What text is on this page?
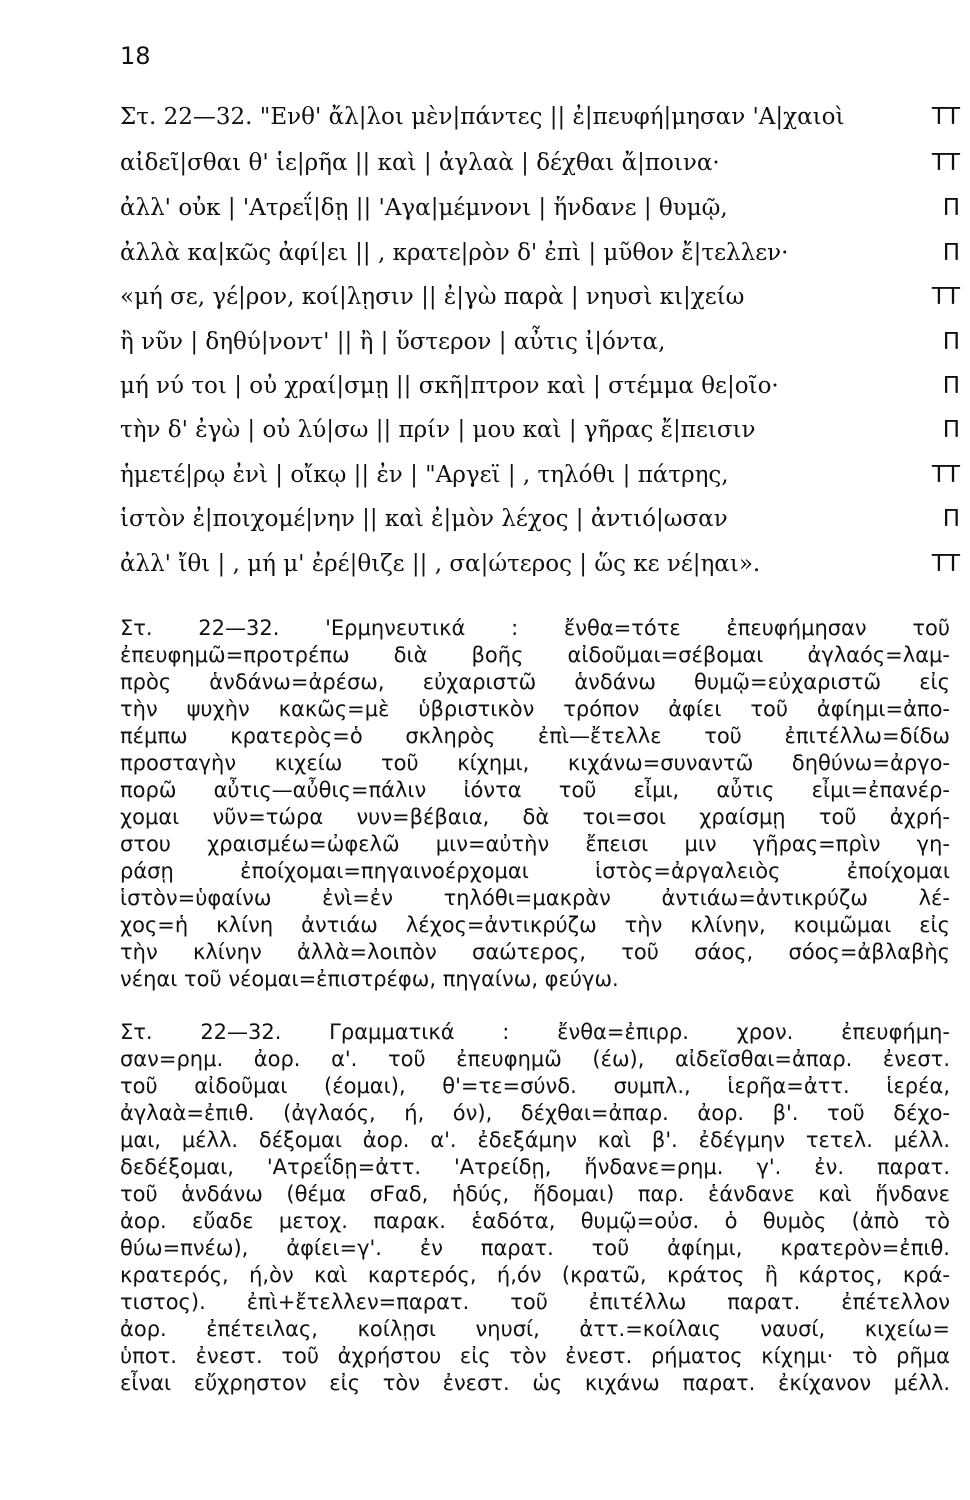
18
Στ. 22—32. "Ενθ' ἄλ|λοι μὲν|πάντες || ἐ|πευφή|μησαν 'Α|χαιοὶ	ΤΤ
αἰδεῖ|σθαι θ' ἱε|ρῆα || καὶ | ἀγλαὰ | δέχθαι ἄ|ποινα·	ΤΤ
ἀλλ' οὐκ | 'Ατρεΐ|δῃ || 'Αγα|μέμνονι | ἥνδανε | θυμῷ,	Π
ἀλλὰ κα|κῶς ἀφί|ει || , κρατε|ρὸν δ' ἐπὶ | μῦθον ἔ|τελλεν·	Π
«μή σε, γέ|ρον, κοί|λῃσιν || ἐ|γὼ παρὰ | νηυσὶ κι|χείω	ΤΤ
ἢ νῦν | δηθύ|νοντ' || ἢ | ὕστερον | αὖτις ἰ|όντα,	Π
μή νύ τοι | οὐ χραί|σμῃ || σκῆ|πτρον καὶ | στέμμα θε|οῖο·	Π
τὴν δ' ἐγὼ | οὐ λύ|σω || πρίν | μου καὶ | γῆρας ἔ|πεισιν	Π
ἡμετέ|ρῳ ἐνὶ | οἴκῳ || ἐν | "Αργεϊ | , τηλόθι | πάτρης,	ΤΤ
ἱστὸν ἐ|ποιχομέ|νην || καὶ ἐ|μὸν λέχος | ἀντιό|ωσαν	Π
ἀλλ' ἴθι | , μή μ' ἐρέ|θιζε || , σα|ώτερος | ὥς κε νέ|ηαι».	ΤΤ
Στ. 22—32. 'Ερμηνευτικά : ἔνθα=τότε ἐπευφήμησαν τοῦ
ἐπευφημῶ=προτρέπω διὰ βοῆς αἰδοῦμαι=σέβομαι ἀγλαός=λαμ-
πρὸς ἁνδάνω=ἀρέσω, εὐχαριστῶ ἁνδάνω θυμῷ=εὐχαριστῶ εἰς
τὴν ψυχὴν κακῶς=μὲ ὑβριστικὸν τρόπον ἀφίει τοῦ ἀφίημι=ἀπο-
πέμπω κρατερὸς=ὁ σκληρὸς ἐπὶ—ἔτελλε τοῦ ἐπιτέλλω=δίδω
προσταγὴν κιχείω τοῦ κίχημι, κιχάνω=συναντῶ δηθύνω=ἀργο-
πορῶ αὖτις—αὖθις=πάλιν ἰόντα τοῦ εἶμι, αὖτις εἶμι=ἐπανέρ-
χομαι νῦν=τώρα νυν=βέβαια, δὰ τοι=σοι χραίσμῃ τοῦ ἀχρή-
στου χραισμέω=ὠφελῶ μιν=αὐτὴν ἔπεισι μιν γῆρας=πρὶν γη-
ράσῃ ἐποίχομαι=πηγαινοέρχομαι ἱστὸς=ἀργαλειὸς ἐποίχομαι
ἱστὸν=ὑφαίνω ἐνὶ=ἐν τηλόθι=μακρὰν ἀντιάω=ἀντικρύζω λέ-
χος=ἡ κλίνη ἀντιάω λέχος=ἀντικρύζω τὴν κλίνην, κοιμῶμαι εἰς
τὴν κλίνην ἀλλὰ=λοιπὸν σαώτερος, τοῦ σάος, σόος=ἀβλαβὴς
νέηαι τοῦ νέομαι=ἐπιστρέφω, πηγαίνω, φεύγω.
Στ. 22—32. Γραμματικά : ἔνθα=ἐπιρρ. χρον. ἐπευφήμη-
σαν=ρημ. ἀορ. α'. τοῦ ἐπευφημῶ (έω), αἰδεῖσθαι=ἀπαρ. ἐνεστ.
τοῦ αἰδοῦμαι (έομαι), θ'=τε=σύνδ. συμπλ., ἱερῆα=ἀττ. ἱερέα,
ἀγλαὰ=ἐπιθ. (ἀγλαός, ή, όν), δέχθαι=ἀπαρ. ἀορ. β'. τοῦ δέχο-
μαι, μέλλ. δέξομαι ἀορ. α'. ἐδεξάμην καὶ β'. ἐδέγμην τετελ. μέλλ.
δεδέξομαι, 'Ατρεΐδῃ=ἀττ. 'Ατρείδῃ, ἥνδανε=ρημ. γ'. ἐν. παρατ.
τοῦ ἁνδάνω (θέμα σFαδ, ἡδύς, ἥδομαι) παρ. ἑάνδανε καὶ ἥνδανε
ἀορ. εὔαδε μετοχ. παρακ. ἑαδότα, θυμῷ=οὐσ. ὁ θυμὸς (ἀπὸ τὸ
θύω=πνέω), ἀφίει=γ'. ἐν παρατ. τοῦ ἀφίημι, κρατερὸν=ἐπιθ.
κρατερός, ή,ὸν καὶ καρτερός, ή,όν (κρατῶ, κράτος ἢ κάρτος, κρά-
τιστος). ἐπὶ+ἔτελλεν=παρατ. τοῦ ἐπιτέλλω παρατ. ἐπέτελλον
ἀορ. ἐπέτειλας, κοίλῃσι νηυσί, ἀττ.=κοίλαις ναυσί, κιχείω=
ὑποτ. ἐνεστ. τοῦ ἀχρήστου εἰς τὸν ἐνεστ. ρήματος κίχημι· τὸ ρῆμα
εἶναι εὔχρηστον εἰς τὸν ἐνεστ. ὡς κιχάνω παρατ. ἐκίχανον μέλλ.
